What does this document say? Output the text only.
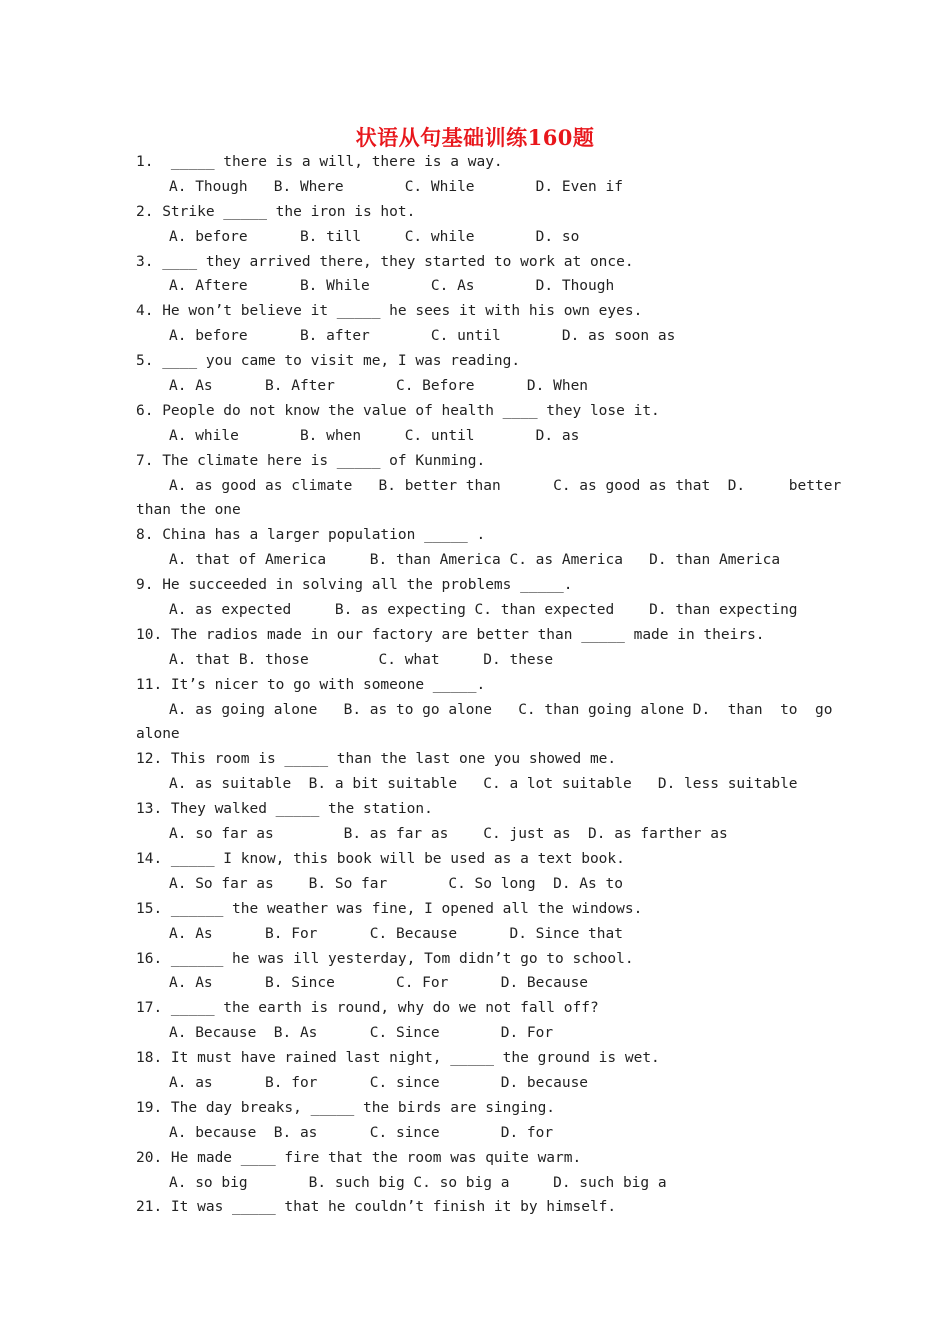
状语从句基础训练160题
1.  _____ there is a will, there is a way.
A. Though   B. Where       C. While       D. Even if
2. Strike _____ the iron is hot.
A. before      B. till     C. while       D. so
3. ____ they arrived there, they started to work at once.
A. Aftere      B. While       C. As       D. Though
4. He won’t believe it _____ he sees it with his own eyes.
A. before      B. after       C. until       D. as soon as
5. ____ you came to visit me, I was reading.
A. As      B. After       C. Before      D. When
6. People do not know the value of health ____ they lose it.
A. while       B. when     C. until       D. as
7. The climate here is _____ of Kunming.
A. as good as climate   B. better than      C. as good as that  D.     better
than the one
8. China has a larger population _____ .
A. that of America     B. than America C. as America   D. than America
9. He succeeded in solving all the problems _____.
A. as expected     B. as expecting C. than expected    D. than expecting
10. The radios made in our factory are better than _____ made in theirs.
A. that B. those        C. what     D. these
11. It’s nicer to go with someone _____.
A. as going alone   B. as to go alone   C. than going alone D.  than  to  go
alone
12. This room is _____ than the last one you showed me.
A. as suitable  B. a bit suitable   C. a lot suitable   D. less suitable
13. They walked _____ the station.
A. so far as        B. as far as    C. just as  D. as farther as
14. _____ I know, this book will be used as a text book.
A. So far as    B. So far       C. So long  D. As to
15. ______ the weather was fine, I opened all the windows.
A. As      B. For      C. Because      D. Since that
16. ______ he was ill yesterday, Tom didn’t go to school.
A. As      B. Since       C. For      D. Because
17. _____ the earth is round, why do we not fall off?
A. Because  B. As      C. Since       D. For
18. It must have rained last night, _____ the ground is wet.
A. as      B. for      C. since       D. because
19. The day breaks, _____ the birds are singing.
A. because  B. as      C. since       D. for
20. He made ____ fire that the room was quite warm.
A. so big       B. such big C. so big a     D. such big a
21. It was _____ that he couldn’t finish it by himself.
